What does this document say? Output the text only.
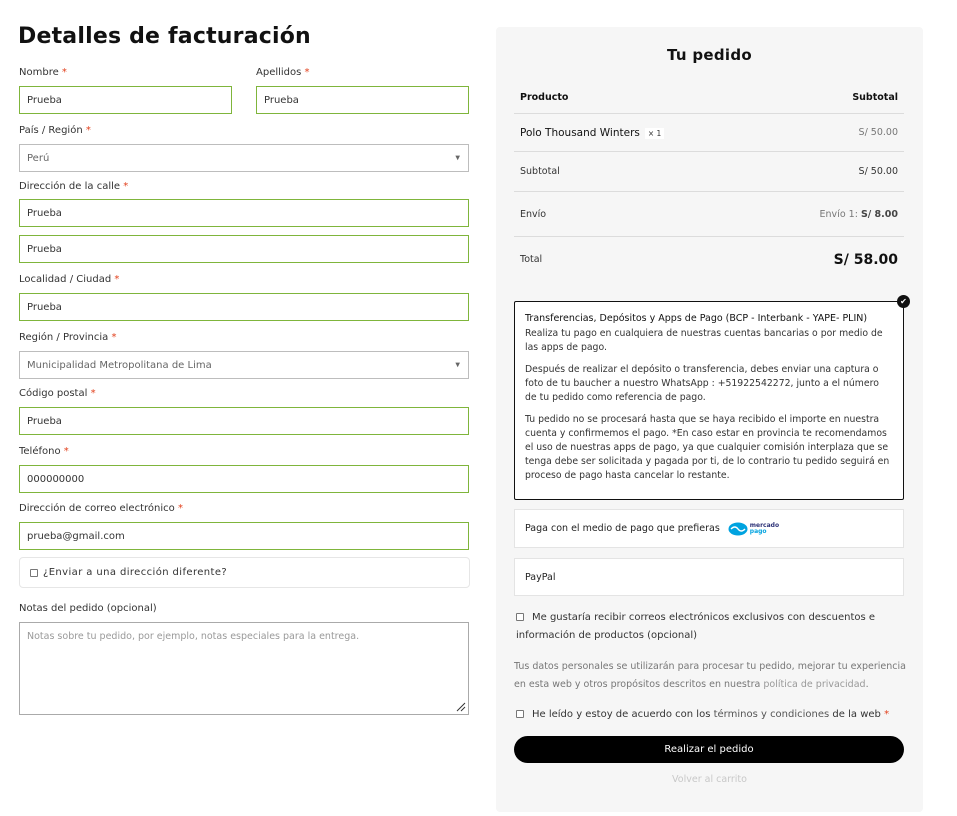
Detalles de facturación
Nombre *
Prueba
Apellidos *
Prueba
País / Región *
Perú	▼
Dirección de la calle *
Prueba
Prueba
Localidad / Ciudad *
Prueba
Región / Provincia *
Municipalidad Metropolitana de Lima	▼
Código postal *
Prueba
Teléfono *
000000000
Dirección de correo electrónico *
prueba@gmail.com
¿Enviar a una dirección diferente?
Notas del pedido (opcional)
Notas sobre tu pedido, por ejemplo, notas especiales para la entrega.
Tu pedido
Producto	Subtotal
Polo Thousand Winters × 1	S/ 50.00
Subtotal	S/ 50.00
Envío	Envío 1: S/ 8.00
Total	S/ 58.00
✔
Transferencias, Depósitos y Apps de Pago (BCP - Interbank - YAPE- PLIN)

Realiza tu pago en cualquiera de nuestras cuentas bancarias o por medio de las apps de pago.

Después de realizar el depósito o transferencia, debes enviar una captura o foto de tu baucher a nuestro WhatsApp : +51922542272, junto a el número de tu pedido como referencia de pago.

Tu pedido no se procesará hasta que se haya recibido el importe en nuestra cuenta y confirmemos el pago. *En caso estar en provincia te recomendamos el uso de nuestras apps de pago, ya que cualquier comisión interplaza que se tenga debe ser solicitada y pagada por ti, de lo contrario tu pedido seguirá en proceso de pago hasta cancelar lo restante.

Paga con el medio de pago que prefieras	mercado
pago
PayPal
Me gustaría recibir correos electrónicos exclusivos con descuentos e información de productos (opcional)
Tus datos personales se utilizarán para procesar tu pedido, mejorar tu experiencia en esta web y otros propósitos descritos en nuestra política de privacidad.
He leído y estoy de acuerdo con los términos y condiciones de la web *
Realizar el pedido
Volver al carrito
